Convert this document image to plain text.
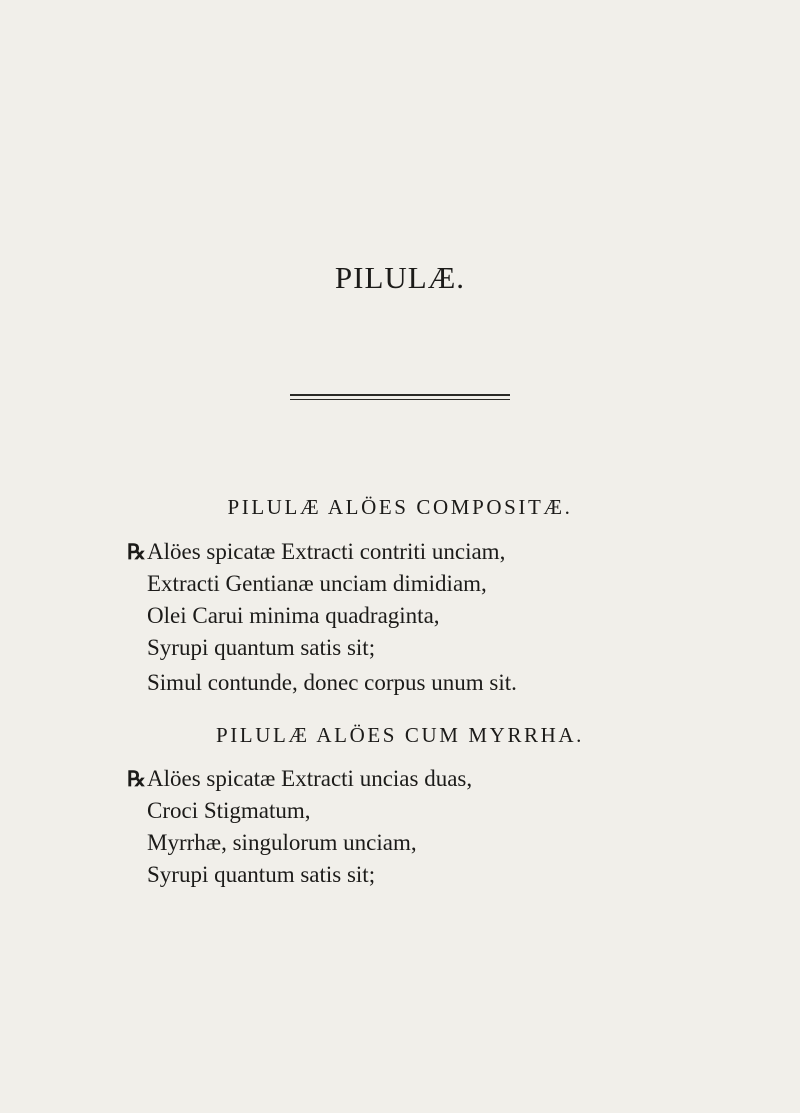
PILULÆ.
PILULÆ ALÖES COMPOSITÆ.
℞Alöes spicatæ Extracti contriti unciam,
Extracti Gentianæ unciam dimidiam,
Olei Carui minima quadraginta,
Syrupi quantum satis sit;
Simul contunde, donec corpus unum sit.
PILULÆ ALÖES CUM MYRRHA.
℞Alöes spicatæ Extracti uncias duas,
Croci Stigmatum,
Myrrhæ, singulorum unciam,
Syrupi quantum satis sit;
